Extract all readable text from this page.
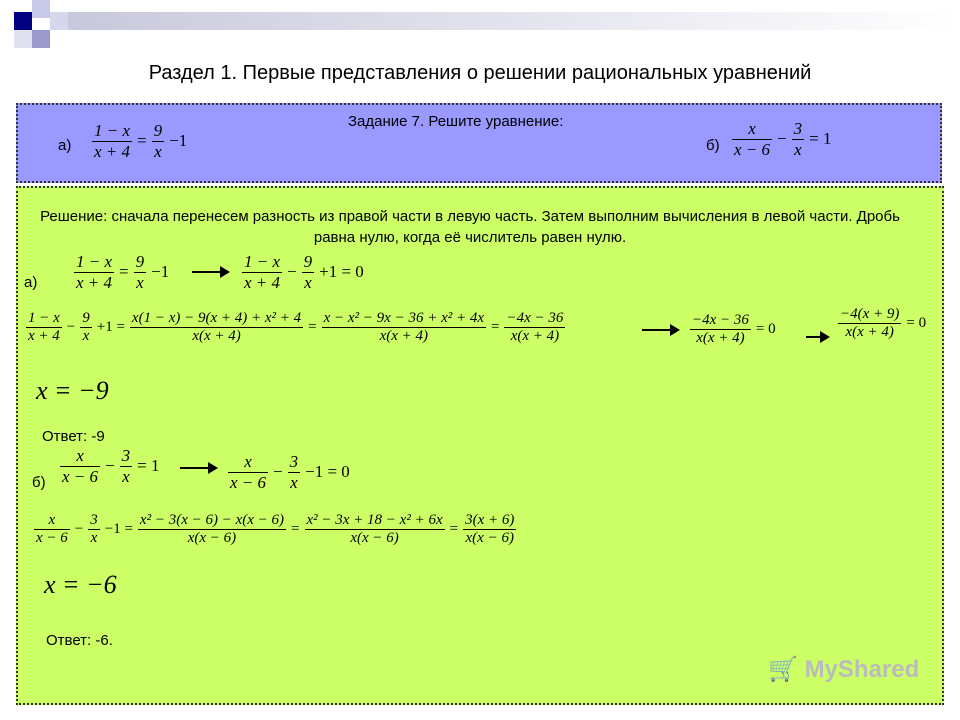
Раздел 1. Первые представления о решении рациональных уравнений
Задание 7. Решите уравнение:
$а) \frac{1 - x}{x + 4} = \frac{9}{x} -1$	$б) \frac{x}{x - 6} - \frac{3}{x} = 1$
Решение: сначала перенесем разность из правой части в левую часть. Затем выполним вычисления в левой части. Дробь равна нулю, когда её числитель равен нулю.
$а) \frac{1 - x}{x + 4} = \frac{9}{x} -1$	$\frac{1 - x}{x + 4} - \frac{9}{x} +1 = 0$
$\frac{1 - x}{x + 4} - \frac{9}{x} +1 = \frac{\text{x(1 − x) − 9(x + 4) + x² + 4}}{x(x + 4)} = \frac{\text{x − x² − 9x − 36 + x² + 4x}}{x(x + 4)} = \frac{-4x - 36}{x(x + 4)}$	$\frac{-4x - 36}{x(x + 4)} = 0$	$\frac{-4(x + 9)}{x(x + 4)} = 0$
x = −9
Ответ: -9
$б) \frac{x}{x - 6} - \frac{3}{x} = 1$	$\frac{x}{x - 6} - \frac{3}{x} -1 = 0$
$\frac{x}{x - 6} - \frac{3}{x} -1 = \frac{\text{x² − 3(x − 6) − x(x − 6)}}{x(x - 6)} = \frac{\text{x² − 3x + 18 − x² + 6x}}{x(x - 6)} = \frac{3(x + 6)}{x(x - 6)}$
x = −6
Ответ: -6.
🛒 MyShared
